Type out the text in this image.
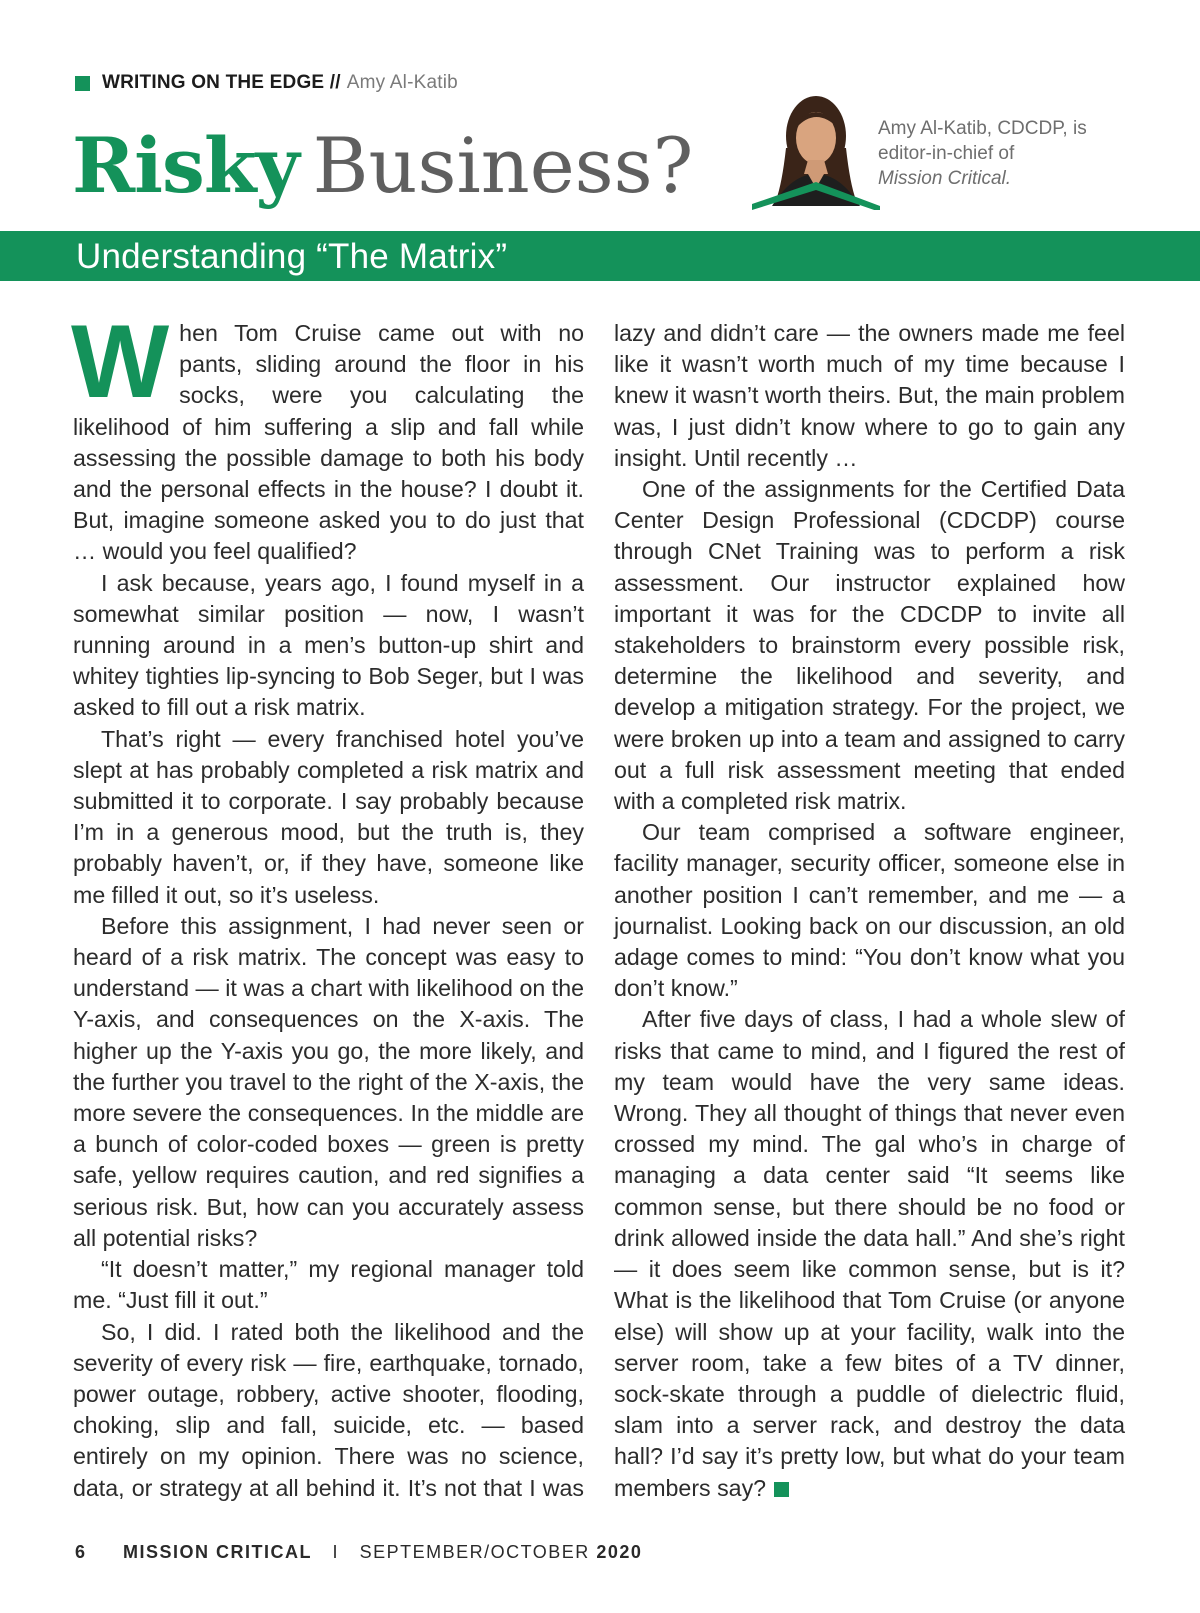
WRITING ON THE EDGE // Amy Al-Katib
Risky Business?	Amy Al-Katib, CDCDP, is editor-in-chief of
Mission Critical.
Understanding “The Matrix”

When Tom Cruise came out with no pants, sliding around the floor in his socks, were you calculating the likelihood of him suffering a slip and fall while assessing the possible damage to both his body and the personal effects in the house? I doubt it. But, imagine someone asked you to do just that … would you feel qualified?

I ask because, years ago, I found myself in a somewhat similar position — now, I wasn’t running around in a men’s button-up shirt and whitey tighties lip-syncing to Bob Seger, but I was asked to fill out a risk matrix.

That’s right — every franchised hotel you’ve slept at has probably completed a risk matrix and submitted it to corporate. I say probably because I’m in a generous mood, but the truth is, they probably haven’t, or, if they have, someone like me filled it out, so it’s useless.

Before this assignment, I had never seen or heard of a risk matrix. The concept was easy to understand — it was a chart with likelihood on the Y-axis, and consequences on the X-axis. The higher up the Y-axis you go, the more likely, and the further you travel to the right of the X-axis, the more severe the consequences. In the middle are a bunch of color-coded boxes — green is pretty safe, yellow requires caution, and red signifies a serious risk. But, how can you accurately assess all potential risks?

“It doesn’t matter,” my regional manager told me. “Just fill it out.”

So, I did. I rated both the likelihood and the severity of every risk — fire, earthquake, tornado, power outage, robbery, active shooter, flooding, choking, slip and fall, suicide, etc. — based entirely on my opinion. There was no science, data, or strategy at all behind it. It’s not that I was lazy and didn’t care — the owners made me feel like it wasn’t worth much of my time because I knew it wasn’t worth theirs. But, the main problem was, I just didn’t know where to go to gain any insight. Until recently …

One of the assignments for the Certified Data Center Design Professional (CDCDP) course through CNet Training was to perform a risk assessment. Our instructor explained how important it was for the CDCDP to invite all stakeholders to brainstorm every possible risk, determine the likelihood and severity, and develop a mitigation strategy. For the project, we were broken up into a team and assigned to carry out a full risk assessment meeting that ended with a completed risk matrix.

Our team comprised a software engineer, facility manager, security officer, someone else in another position I can’t remember, and me — a journalist. Looking back on our discussion, an old adage comes to mind: “You don’t know what you don’t know.”

After five days of class, I had a whole slew of risks that came to mind, and I figured the rest of my team would have the very same ideas. Wrong. They all thought of things that never even crossed my mind. The gal who’s in charge of managing a data center said “It seems like common sense, but there should be no food or drink allowed inside the data hall.” And she’s right — it does seem like common sense, but is it? What is the likelihood that Tom Cruise (or anyone else) will show up at your facility, walk into the server room, take a few bites of a TV dinner, sock-skate through a puddle of dielectric fluid, slam into a server rack, and destroy the data hall? I’d say it’s pretty low, but what do your team members say?

6 MISSION CRITICAL I SEPTEMBER/OCTOBER 2020
